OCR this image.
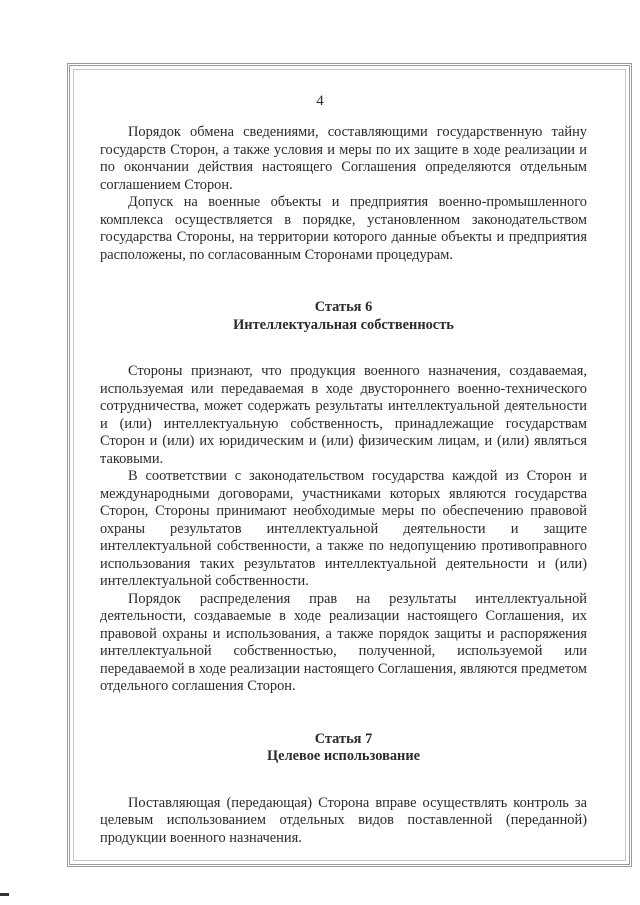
4

Порядок обмена сведениями, составляющими государственную тайну государств Сторон, а также условия и меры по их защите в ходе реализации и по окончании действия настоящего Соглашения определяются отдельным соглашением Сторон.

Допуск на военные объекты и предприятия военно-промышленного комплекса осуществляется в порядке, установленном законодательством государства Стороны, на территории которого данные объекты и предприятия расположены, по согласованным Сторонами процедурам.

Статья 6
Интеллектуальная собственность

Стороны признают, что продукция военного назначения, создаваемая, используемая или передаваемая в ходе двустороннего военно-технического сотрудничества, может содержать результаты интеллектуальной деятельности и (или) интеллектуальную собственность, принадлежащие государствам Сторон и (или) их юридическим и (или) физическим лицам, и (или) являться таковыми.

В соответствии с законодательством государства каждой из Сторон и международными договорами, участниками которых являются государства Сторон, Стороны принимают необходимые меры по обеспечению правовой охраны результатов интеллектуальной деятельности и защите интеллектуальной собственности, а также по недопущению противоправного использования таких результатов интеллектуальной деятельности и (или) интеллектуальной собственности.

Порядок распределения прав на результаты интеллектуальной деятельности, создаваемые в ходе реализации настоящего Соглашения, их правовой охраны и использования, а также порядок защиты и распоряжения интеллектуальной собственностью, полученной, используемой или передаваемой в ходе реализации настоящего Соглашения, являются предметом отдельного соглашения Сторон.

Статья 7
Целевое использование

Поставляющая (передающая) Сторона вправе осуществлять контроль за целевым использованием отдельных видов поставленной (переданной) продукции военного назначения.
